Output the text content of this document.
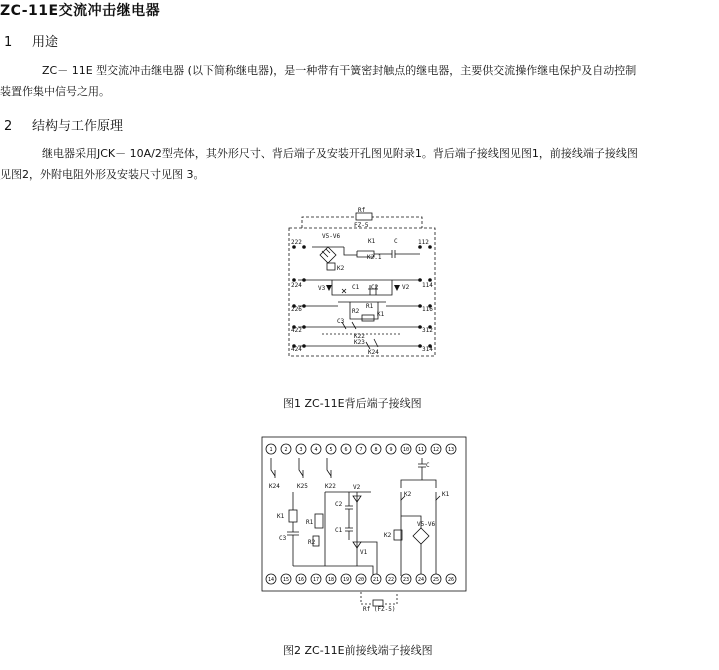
ZC-11E交流冲击继电器
1 用途
ZC－ 11E 型交流冲击继电器 (以下简称继电器)，是一种带有干簧密封触点的继电器，主要供交流操作继电保护及自动控制
装置作集中信号之用。
2 结构与工作原理
继电器采用JCK－ 10A/2型壳体，其外形尺寸、背后端子及安装开孔图见附录1。背后端子接线图见图1，前接线端子接线图
见图2，外附电阻外形及安装尺寸见图 3。
Rf
FZ-5
V5-V6
K1	C
222	112
K2
K2.1
224	114
V3	C1 C2	V2
226	116
R2	K1
C3
R1
422	312
K22
K23
424	314
K24
图1 ZC-11E背后端子接线图
K24	K25	K22
C
V2
K1
R1
C2
C1
C3
R2
V1
K2
K2	K1
V5-V6
Rf (FZ-5)
1 2 3 4 5 6 7 8 9 10 11 12 13
14 15 16 17 18 19 20 21 22 23 24 25 26
图2 ZC-11E前接线端子接线图
